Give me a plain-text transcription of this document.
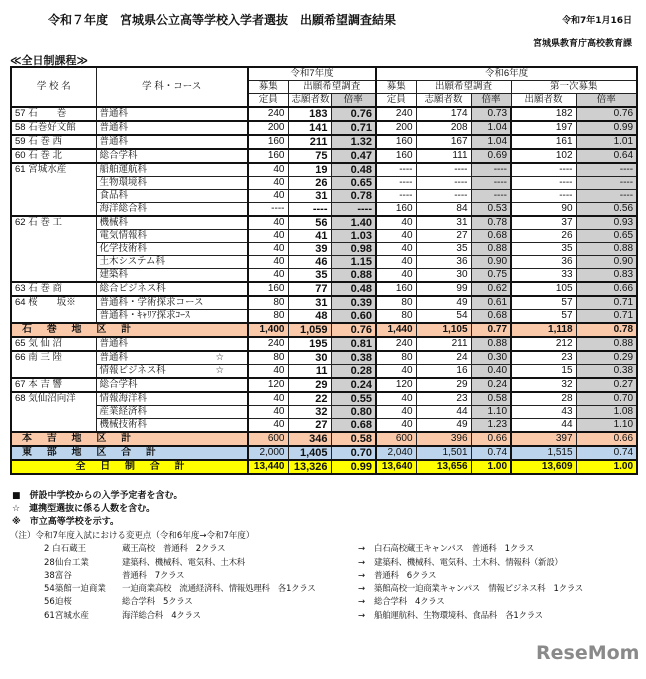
令和７年度　宮城県公立高等学校入学者選抜　出願希望調査結果	令和7年1月16日
宮城県教育庁高校教育課
≪全日制課程≫
学 校 名	学 科・コース	令和7年度			令和6年度				
		募集	出願希望調査		募集	出願希望調査		第一次募集	
		定員	志願者数	倍率	定員	志願者数	倍率	出願者数	倍率
57 石　　巻	普通科	240	183	0.76	240	174	0.73	182	0.76
58 石巻好文館	普通科	200	141	0.71	200	208	1.04	197	0.99
59 石 巻 西	普通科	160	211	1.32	160	167	1.04	161	1.01
60 石 巻 北	総合学科	160	75	0.47	160	111	0.69	102	0.64
61 宮城水産	船舶運航科	40	19	0.48	----	----	----	----	----
	生物環境科	40	26	0.65	----	----	----	----	----
	食品科	40	31	0.78	----	----	----	----	----
	海洋総合科	----	----	----	160	84	0.53	90	0.56
62 石 巻 工	機械科	40	56	1.40	40	31	0.78	37	0.93
	電気情報科	40	41	1.03	40	27	0.68	26	0.65
	化学技術科	40	39	0.98	40	35	0.88	35	0.88
	土木システム科	40	46	1.15	40	36	0.90	36	0.90
	建築科	40	35	0.88	40	30	0.75	33	0.83
63 石 巻 商	総合ビジネス科	160	77	0.48	160	99	0.62	105	0.66
64 桜　　坂※	普通科・学術探求コース	80	31	0.39	80	49	0.61	57	0.71
	普通科・ｷｬﾘｱ探求ｺｰｽ	80	48	0.60	80	54	0.68	57	0.71
石 巻 地 区 計		1,400	1,059	0.76	1,440	1,105	0.77	1,118	0.78
65 気 仙 沼	普通科	240	195	0.81	240	211	0.88	212	0.88
66 南 三 陸	普通科 ☆	80	30	0.38	80	24	0.30	23	0.29
	情報ビジネス科 ☆	40	11	0.28	40	16	0.40	15	0.38
67 本 吉 響	総合学科	120	29	0.24	120	29	0.24	32	0.27
68 気仙沼向洋	情報海洋科	40	22	0.55	40	23	0.58	28	0.70
	産業経済科	40	32	0.80	40	44	1.10	43	1.08
	機械技術科	40	27	0.68	40	49	1.23	44	1.10
本 吉 地 区 計		600	346	0.58	600	396	0.66	397	0.66
東 部 地 区 合 計		2,000	1,405	0.70	2,040	1,501	0.74	1,515	0.74
全 日 制 合 計		13,440	13,326	0.99	13,640	13,656	1.00	13,609	1.00
■　併設中学校からの入学予定者を含む。
☆　連携型選抜に係る人数を含む。
※　市立高等学校を示す。
（注）令和7年度入試における変更点（令和6年度→令和7年度）
2 白石蔵王	蔵王高校　普通科　2クラス	→ 白石高校蔵王キャンパス　普通科　1クラス
28仙台工業	建築科、機械科、電気科、土木科	→ 建築科、機械科、電気科、土木科、情報科（新設）
38富谷	普通科　7クラス	→ 普通科　6クラス
54築館一迫商業 一迫商業高校　流通経済科、情報処理科　各1クラス	→ 築館高校一迫商業キャンパス　情報ビジネス科　1クラス
56迫桜	総合学科　5クラス	→ 総合学科　4クラス
61宮城水産	海洋総合科　4クラス	→ 船舶運航科、生物環境科、食品科　各1クラス
ReseMom
